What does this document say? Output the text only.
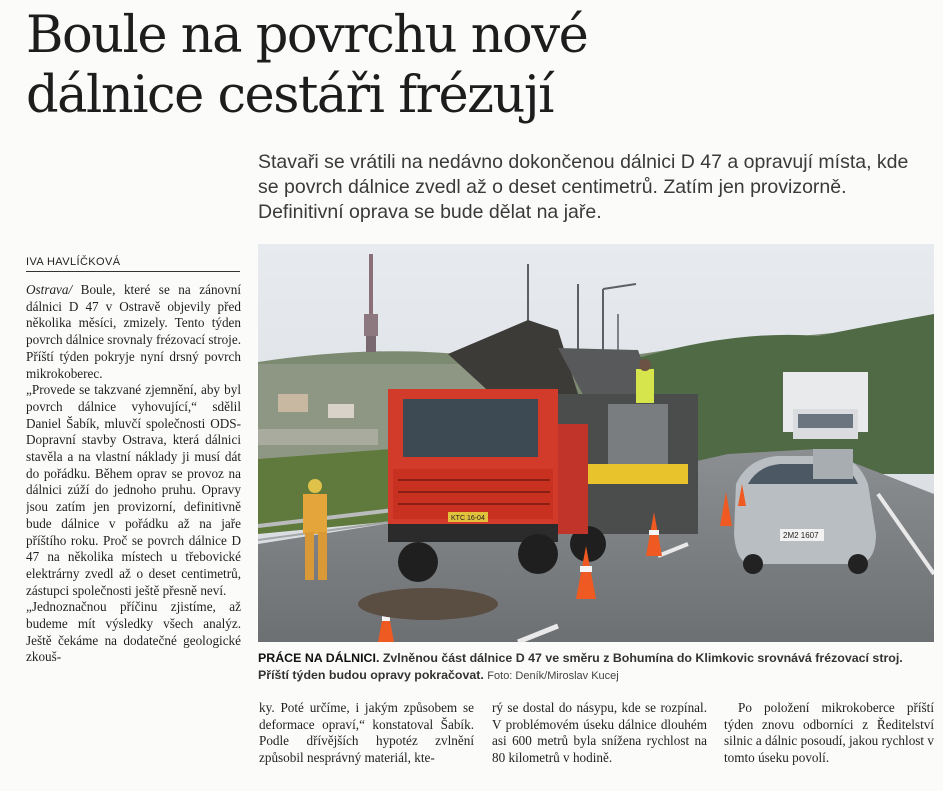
Boule na povrchu nové
dálnice cestáři frézují
Stavaři se vrátili na nedávno dokončenou dálnici D 47 a opravují místa, kde se povrch dálnice zvedl až o deset centimetrů. Zatím jen provizorně. Definitivní oprava se bude dělat na jaře.
IVA HAVLÍČKOVÁ

Ostrava/ Boule, které se na zánovní dálnici D 47 v Ostravě objevily před několika měsíci, zmizely. Tento týden povrch dálnice srovnaly frézovací stroje. Příští týden pokryje nyní drsný povrch mikrokoberec.

„Provede se takzvané zjemnění, aby byl povrch dálnice vyhovující,“ sdělil Daniel Šabík, mluvčí společnosti ODS-Dopravní stavby Ostrava, která dálnici stavěla a na vlastní náklady ji musí dát do pořádku. Během oprav se provoz na dálnici zúží do jednoho pruhu. Opravy jsou zatím jen provizorní, definitivně bude dálnice v pořádku až na jaře příštího roku. Proč se povrch dálnice D 47 na několika místech u třebovické elektrárny zvedl až o deset centimetrů, zástupci společnosti ještě přesně neví.

„Jednoznačnou příčinu zjistíme, až budeme mít výsledky všech analýz. Ještě čekáme na dodatečné geologické zkouš-

KTC 16-04
2M2 1607
PRÁCE NA DÁLNICI. Zvlněnou část dálnice D 47 ve směru z Bohumína do Klimkovic srovnává frézovací stroj. Příští týden budou opravy pokračovat. Foto: Deník/Miroslav Kucej

ky. Poté určíme, i jakým způsobem se deformace opraví,“ konstatoval Šabík. Podle dřívějších hypotéz zvlnění způsobil nesprávný materiál, kte-

rý se dostal do násypu, kde se rozpínal. V problémovém úseku dálnice dlouhém asi 600 metrů byla snížena rychlost na 80 kilometrů v hodině.

Po položení mikrokoberce příští týden znovu odborníci z Ředitelství silnic a dálnic posoudí, jakou rychlost v tomto úseku povolí.
